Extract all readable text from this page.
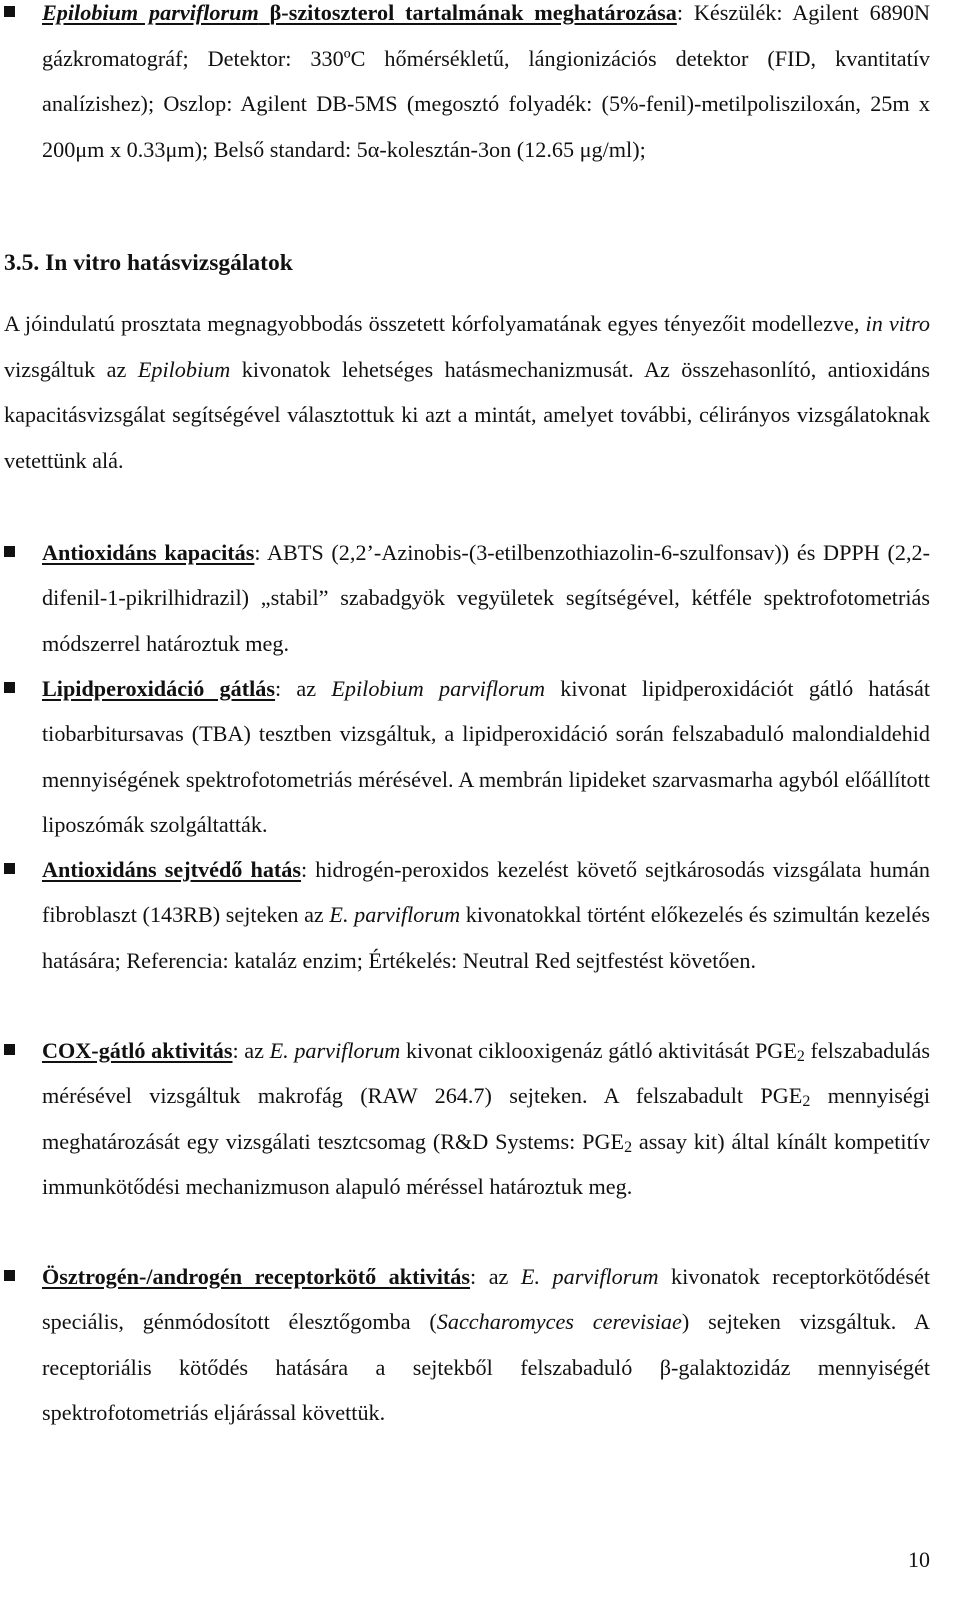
Epilobium parviflorum β-szitoszterol tartalmának meghatározása: Készülék: Agilent 6890N gázkromatográf; Detektor: 330ºC hőmérsékletű, lángionizációs detektor (FID, kvantitatív analízishez); Oszlop: Agilent DB-5MS (megosztó folyadék: (5%-fenil)-metilpolisziloxán, 25m x 200μm x 0.33μm); Belső standard: 5α-kolesztán-3on (12.65 μg/ml);

3.5. In vitro hatásvizsgálatok

A jóindulatú prosztata megnagyobbodás összetett kórfolyamatának egyes tényezőit modellezve, in vitro vizsgáltuk az Epilobium kivonatok lehetséges hatásmechanizmusát. Az összehasonlító, antioxidáns kapacitásvizsgálat segítségével választottuk ki azt a mintát, amelyet további, célirányos vizsgálatoknak vetettünk alá.

Antioxidáns kapacitás: ABTS (2,2’-Azinobis-(3-etilbenzothiazolin-6-szulfonsav)) és DPPH (2,2-difenil-1-pikrilhidrazil) „stabil” szabadgyök vegyületek segítségével, kétféle spektrofotometriás módszerrel határoztuk meg.

Lipidperoxidáció gátlás: az Epilobium parviflorum kivonat lipidperoxidációt gátló hatását tiobarbitursavas (TBA) tesztben vizsgáltuk, a lipidperoxidáció során felszabaduló malondialdehid mennyiségének spektrofotometriás mérésével. A membrán lipideket szarvasmarha agyból előállított liposzómák szolgáltatták.

Antioxidáns sejtvédő hatás: hidrogén-peroxidos kezelést követő sejtkárosodás vizsgálata humán fibroblaszt (143RB) sejteken az E. parviflorum kivonatokkal történt előkezelés és szimultán kezelés hatására; Referencia: kataláz enzim; Értékelés: Neutral Red sejtfestést követően.

COX-gátló aktivitás: az E. parviflorum kivonat ciklooxigenáz gátló aktivitását $PGE_2$ felszabadulás mérésével vizsgáltuk makrofág (RAW 264.7) sejteken. A felszabadult $PGE_2$ mennyiségi meghatározását egy vizsgálati tesztcsomag (R&D Systems: $PGE_2$ assay kit) által kínált kompetitív immunkötődési mechanizmuson alapuló méréssel határoztuk meg.

Ösztrogén-/androgén receptorkötő aktivitás: az E. parviflorum kivonatok receptorkötődését speciális, génmódosított élesztőgomba (Saccharomyces cerevisiae) sejteken vizsgáltuk. A receptoriális kötődés hatására a sejtekből felszabaduló β-galaktozidáz mennyiségét spektrofotometriás eljárással követtük.

10
